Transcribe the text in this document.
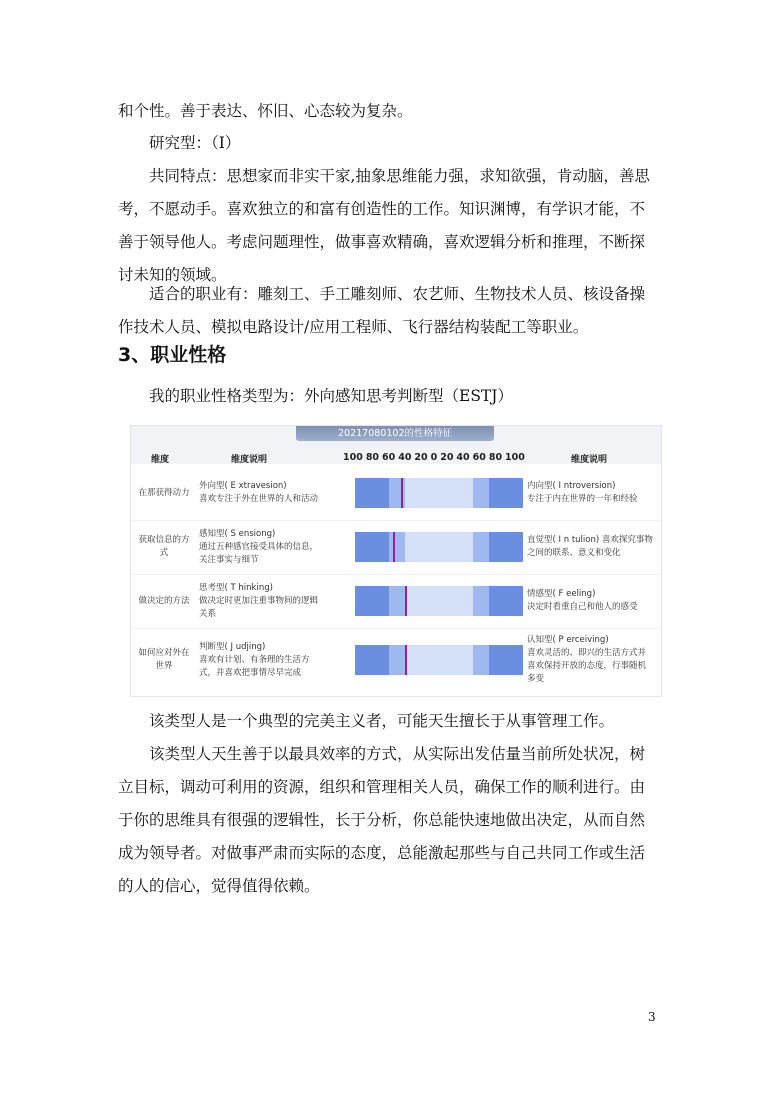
和个性。善于表达、怀旧、心态较为复杂。

研究型：（I）

共同特点：思想家而非实干家,抽象思维能力强，求知欲强，肯动脑，善思考，不愿动手。喜欢独立的和富有创造性的工作。知识渊博，有学识才能，不善于领导他人。考虑问题理性，做事喜欢精确，喜欢逻辑分析和推理，不断探讨未知的领域。

适合的职业有：雕刻工、手工雕刻师、农艺师、生物技术人员、核设备操作技术人员、模拟电路设计/应用工程师、飞行器结构装配工等职业。

3、职业性格

我的职业性格类型为：外向感知思考判断型（ESTJ）

20217080102的性格特征
维度	维度说明	维度说明
100 80 60 40 20 0 20 40 60 80 100
在那获得动力
外向型( E xtravesion)
喜欢专注于外在世界的人和活动
内向型( I ntroversion)
专注于内在世界的一年和经验
获取信息的方
式
感知型( S ensiong)
通过五种感官接受具体的信息，
关注事实与细节
直觉型( I n tulion) 喜欢探究事物
之间的联系、意义和变化
做决定的方法
思考型( T hinking)
做决定时更加注重事物间的逻辑
关系
情感型( F eeling)
决定时看重自己和他人的感受
如何应对外在
世界
判断型( J udjing)
喜欢有计划、有条理的生活方
式，并喜欢把事情尽早完成
认知型( P erceiving)
喜欢灵活的、即兴的生活方式并
喜欢保持开放的态度，行事随机
多变

该类型人是一个典型的完美主义者，可能天生擅长于从事管理工作。

该类型人天生善于以最具效率的方式，从实际出发估量当前所处状况，树立目标，调动可利用的资源，组织和管理相关人员，确保工作的顺利进行。由于你的思维具有很强的逻辑性，长于分析，你总能快速地做出决定，从而自然成为领导者。对做事严肃而实际的态度，总能激起那些与自己共同工作或生活的人的信心，觉得值得依赖。

3
